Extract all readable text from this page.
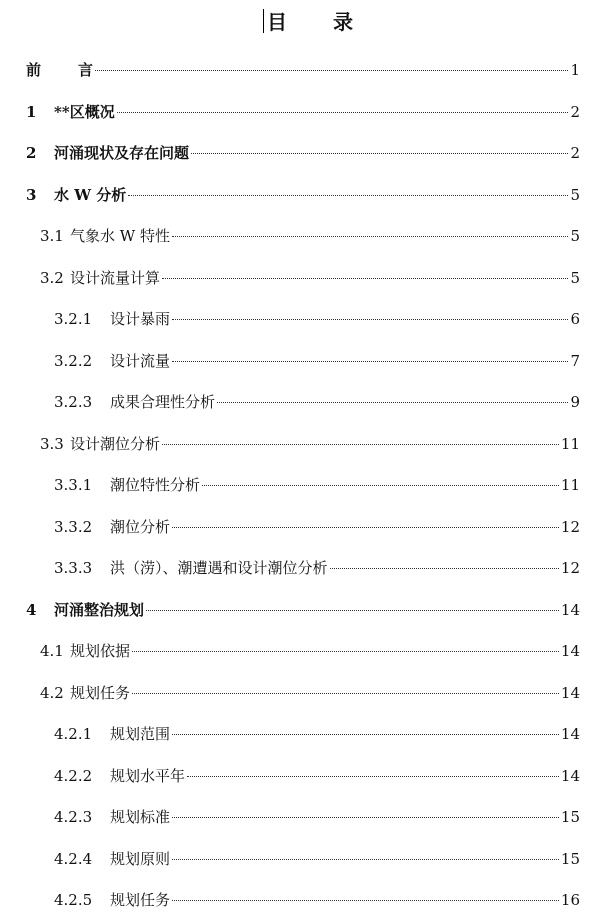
目 录
前	言	1
1	**区概况	2
2	河涌现状及存在问题	2
3	水 W 分析	5
3.1 气象水 W 特性	5
3.2 设计流量计算	5
3.2.1	设计暴雨	6
3.2.2	设计流量	7
3.2.3	成果合理性分析	9
3.3 设计潮位分析	11
3.3.1	潮位特性分析	11
3.3.2	潮位分析	12
3.3.3	洪（涝）、潮遭遇和设计潮位分析	12
4	河涌整治规划	14
4.1 规划依据	14
4.2 规划任务	14
4.2.1	规划范围	14
4.2.2	规划水平年	14
4.2.3	规划标准	15
4.2.4	规划原则	15
4.2.5	规划任务	16
